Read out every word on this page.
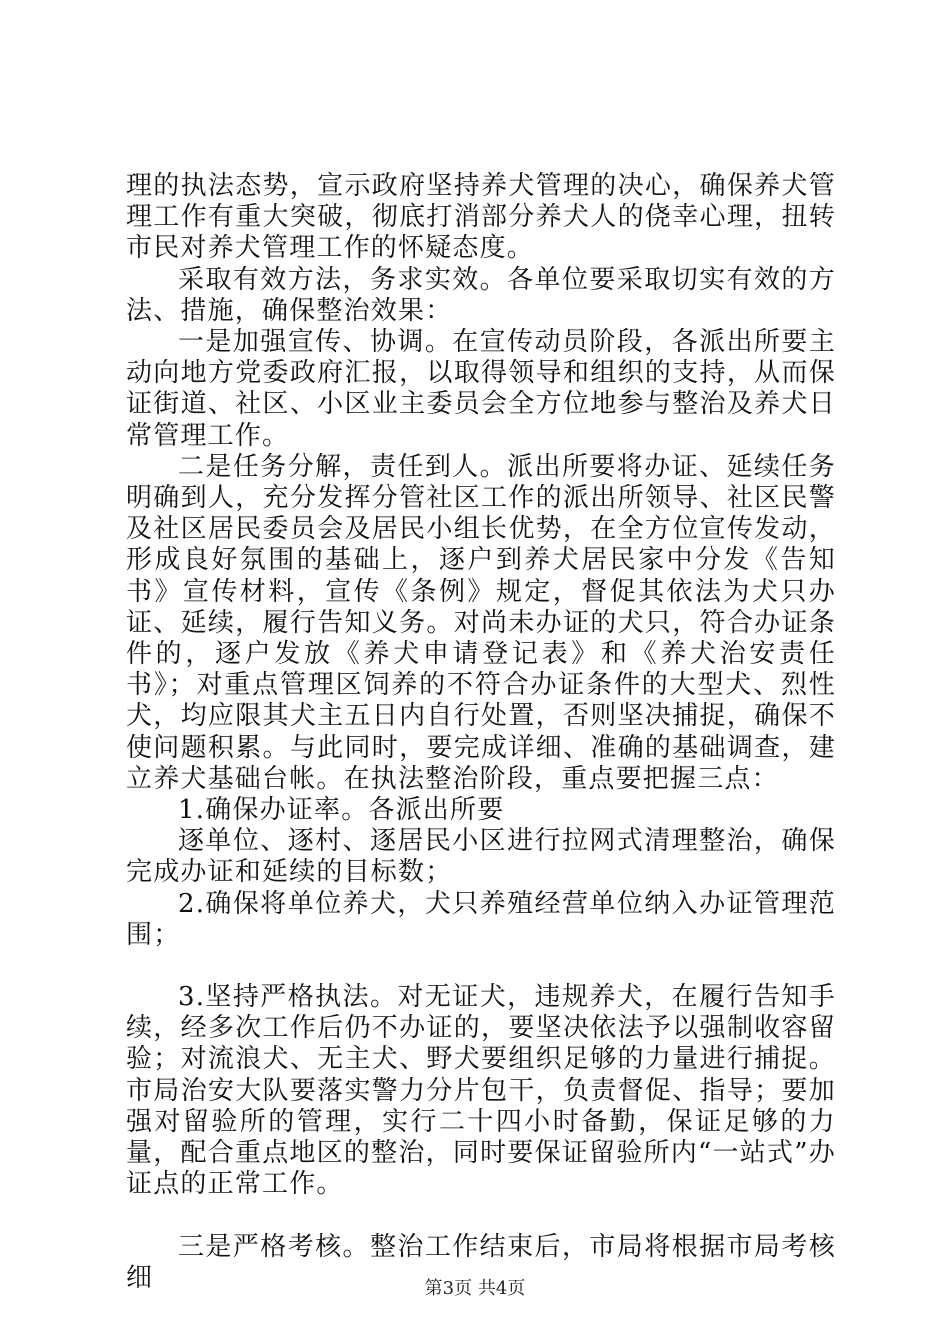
理的执法态势，宣示政府坚持养犬管理的决心，确保养犬管理工作有重大突破，彻底打消部分养犬人的侥幸心理，扭转市民对养犬管理工作的怀疑态度。

采取有效方法，务求实效。各单位要采取切实有效的方法、措施，确保整治效果：

一是加强宣传、协调。在宣传动员阶段，各派出所要主动向地方党委政府汇报，以取得领导和组织的支持，从而保证街道、社区、小区业主委员会全方位地参与整治及养犬日常管理工作。

二是任务分解，责任到人。派出所要将办证、延续任务明确到人，充分发挥分管社区工作的派出所领导、社区民警及社区居民委员会及居民小组长优势，在全方位宣传发动，形成良好氛围的基础上，逐户到养犬居民家中分发《告知书》宣传材料，宣传《条例》规定，督促其依法为犬只办证、延续，履行告知义务。对尚未办证的犬只，符合办证条件的，逐户发放《养犬申请登记表》和《养犬治安责任书》；对重点管理区饲养的不符合办证条件的大型犬、烈性犬，均应限其犬主五日内自行处置，否则坚决捕捉，确保不使问题积累。与此同时，要完成详细、准确的基础调查，建立养犬基础台帐。在执法整治阶段，重点要把握三点：

1.确保办证率。各派出所要

逐单位、逐村、逐居民小区进行拉网式清理整治，确保完成办证和延续的目标数；

2.确保将单位养犬，犬只养殖经营单位纳入办证管理范围；

3.坚持严格执法。对无证犬，违规养犬，在履行告知手续，经多次工作后仍不办证的，要坚决依法予以强制收容留验；对流浪犬、无主犬、野犬要组织足够的力量进行捕捉。市局治安大队要落实警力分片包干，负责督促、指导；要加强对留验所的管理，实行二十四小时备勤，保证足够的力量，配合重点地区的整治，同时要保证留验所内“一站式”办证点的正常工作。

三是严格考核。整治工作结束后，市局将根据市局考核细	第3页 共4页
